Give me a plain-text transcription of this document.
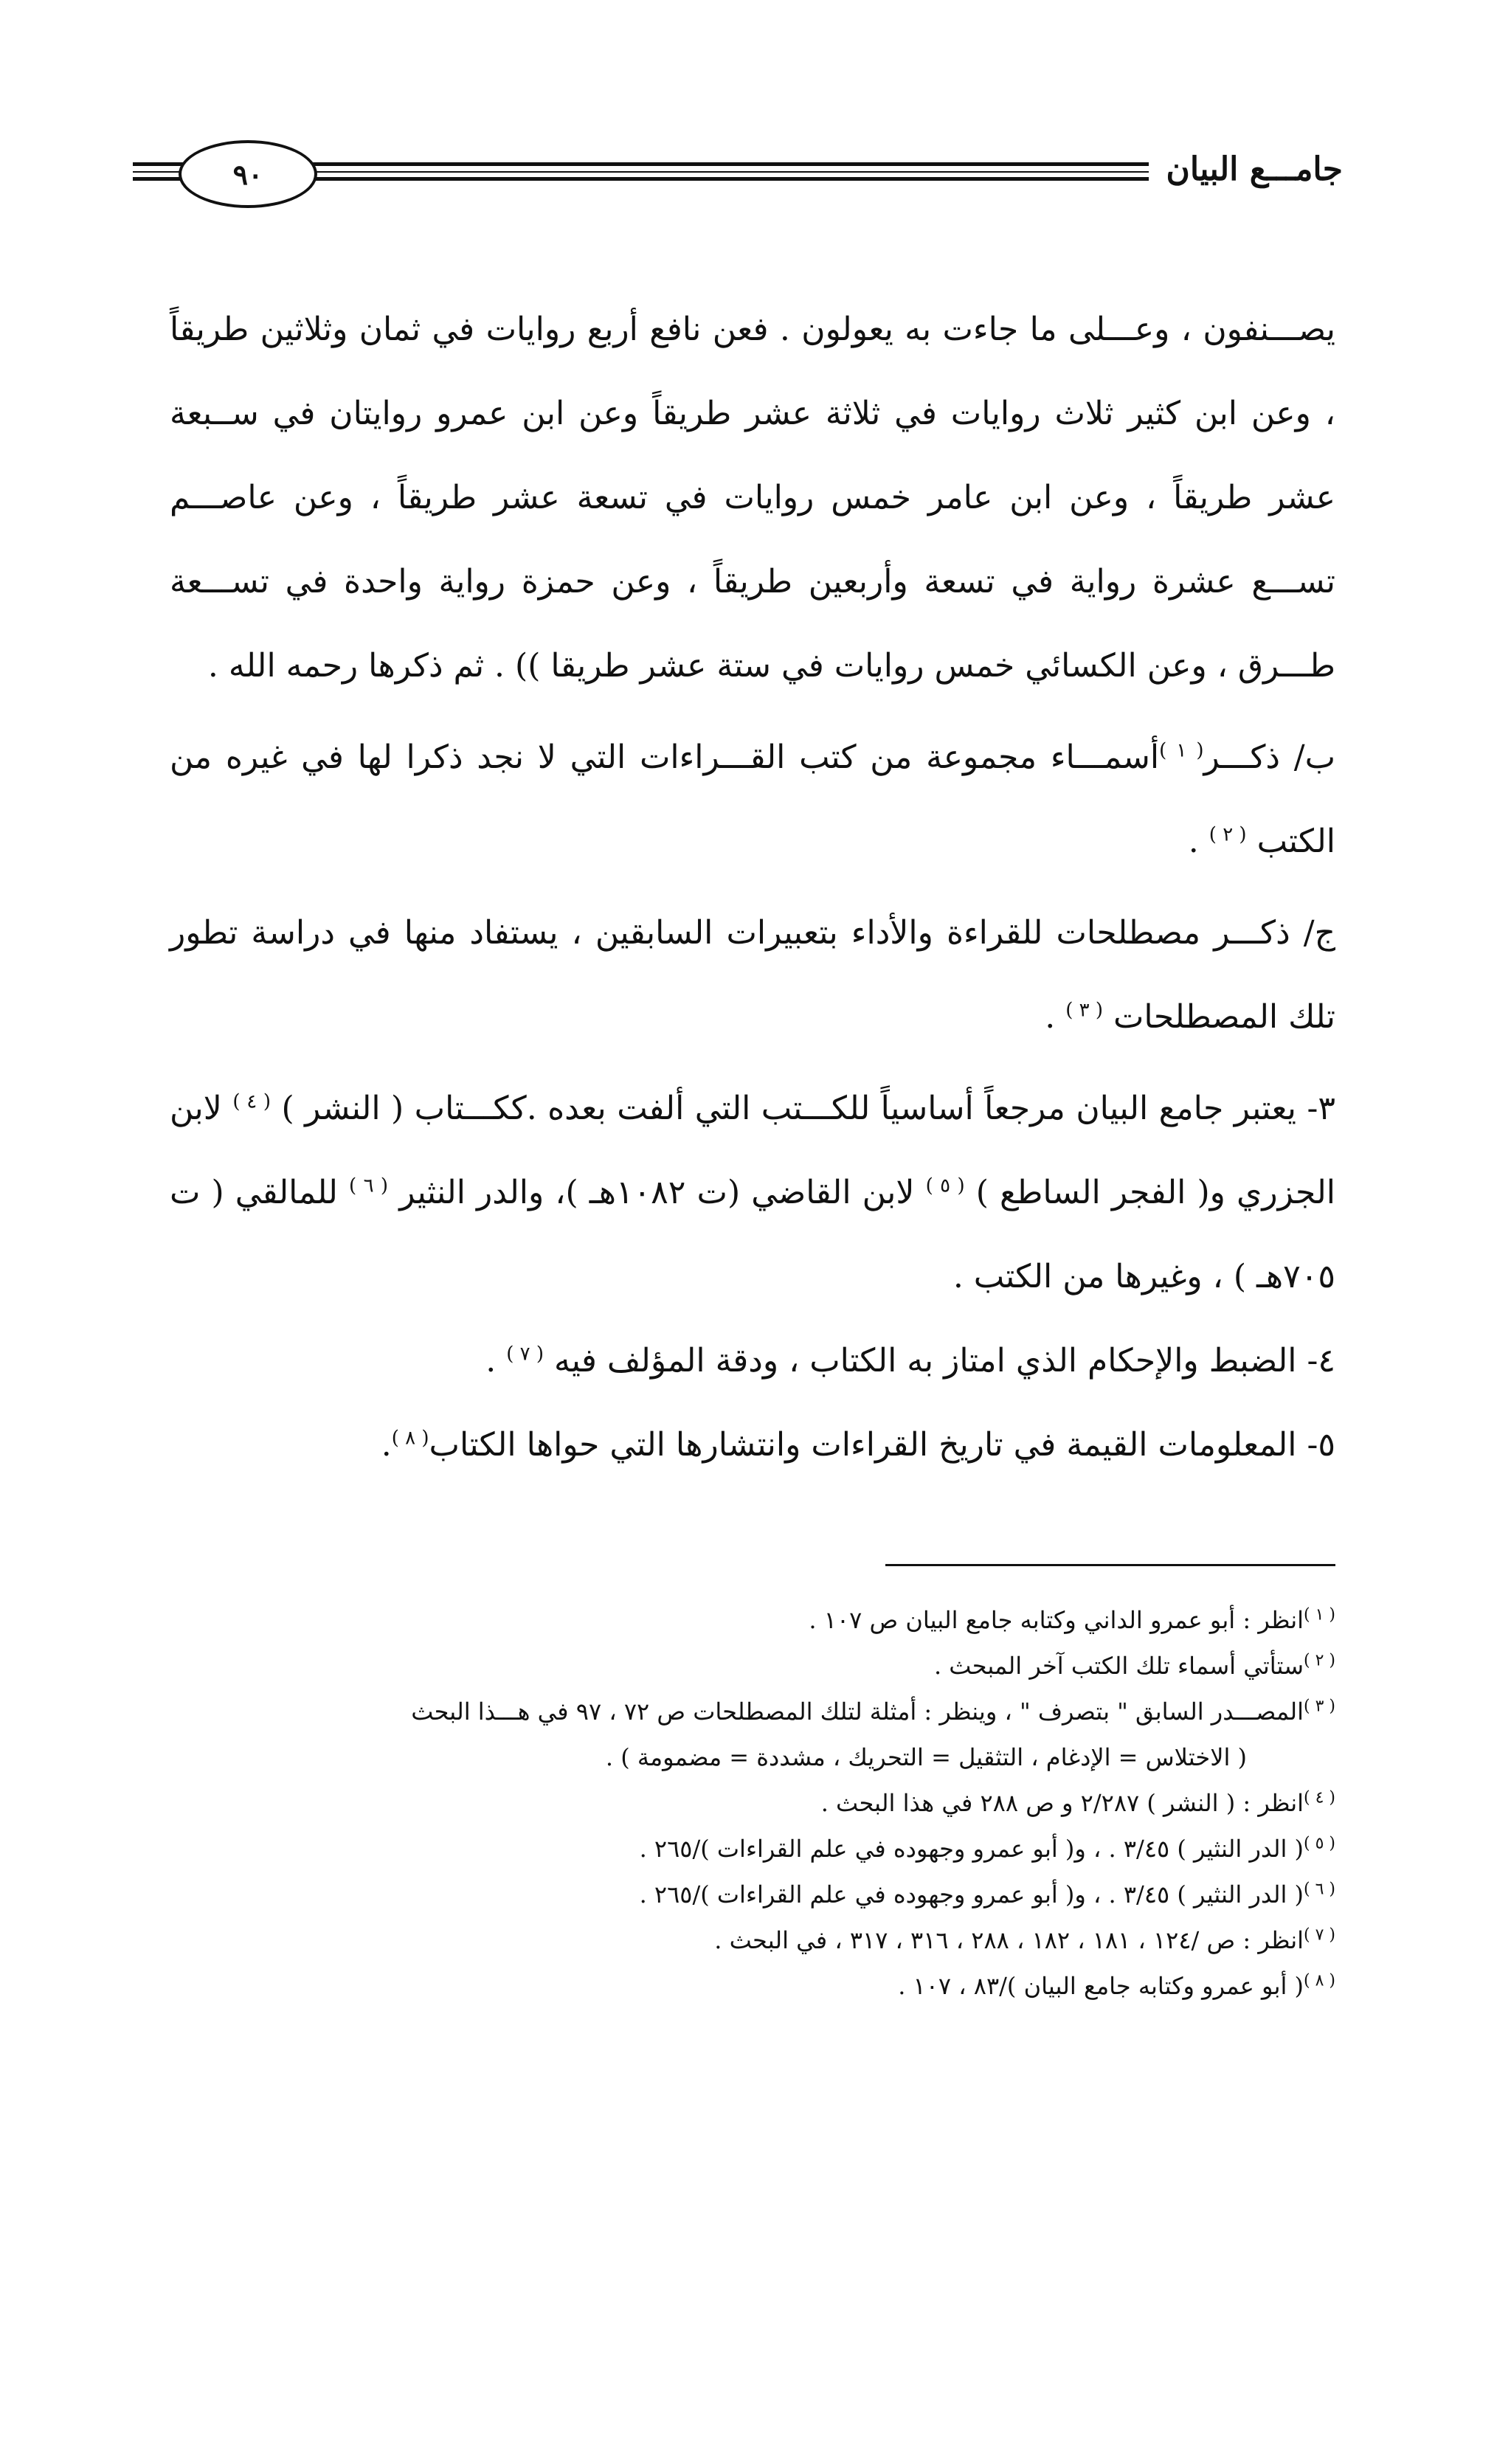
٩٠	جامـــع البيان

يصـــنفون ، وعـــلى ما جاءت به يعولون . فعن نافع أربع روايات في ثمان وثلاثين طريقاً ، وعن ابن كثير ثلاث روايات في ثلاثة عشر طريقاً وعن ابن عمرو روايتان في ســبعة عشر طريقاً ، وعن ابن عامر خمس روايات في تسعة عشر طريقاً ، وعن عاصـــم تســـع عشرة رواية في تسعة وأربعين طريقاً ، وعن حمزة رواية واحدة في تســـعة طـــرق ، وعن الكسائي خمس روايات في ستة عشر طريقا )) . ثم ذكرها رحمه الله .

ب/ ذكـــر$^{( ١ )}$أسمـــاء مجموعة من كتب القـــراءات التي لا نجد ذكرا لها في غيره من الكتب $^{( ٢ )}$ .

ج/ ذكـــر مصطلحات للقراءة والأداء بتعبيرات السابقين ، يستفاد منها في دراسة تطور تلك المصطلحات $^{( ٣ )}$ .

٣- يعتبر جامع البيان مرجعاً أساسياً للكـــتب التي ألفت بعده .ككـــتاب ( النشر ) $^{( ٤ )}$ لابن الجزري و( الفجر الساطع ) $^{( ٥ )}$ لابن القاضي (ت ١٠٨٢هـ )، والدر النثير $^{( ٦ )}$ للمالقي ( ت ٧٠٥هـ ) ، وغيرها من الكتب .

٤- الضبط والإحكام الذي امتاز به الكتاب ، ودقة المؤلف فيه $^{( ٧ )}$ .

٥- المعلومات القيمة في تاريخ القراءات وانتشارها التي حواها الكتاب$^{( ٨ )}$.

$^{( ١ )}$انظر : أبو عمرو الداني وكتابه جامع البيان ص ١٠٧ .

$^{( ٢ )}$ستأتي أسماء تلك الكتب آخر المبحث .

$^{( ٣ )}$المصـــدر السابق " بتصرف " ، وينظر : أمثلة لتلك المصطلحات ص ٧٢ ، ٩٧ في هـــذا البحث

( الاختلاس = الإدغام ، التثقيل = التحريك ، مشددة = مضمومة ) .

$^{( ٤ )}$انظر : ( النشر ) ٢/٢٨٧ و ص ٢٨٨ في هذا البحث .

$^{( ٥ )}$( الدر النثير ) ٣/٤٥ . ، و( أبو عمرو وجهوده في علم القراءات )/٢٦٥ .

$^{( ٦ )}$( الدر النثير ) ٣/٤٥ . ، و( أبو عمرو وجهوده في علم القراءات )/٢٦٥ .

$^{( ٧ )}$انظر : ص /١٢٤ ، ١٨١ ، ١٨٢ ، ٢٨٨ ، ٣١٦ ، ٣١٧ ، في البحث .

$^{( ٨ )}$( أبو عمرو وكتابه جامع البيان )/٨٣ ، ١٠٧ .
